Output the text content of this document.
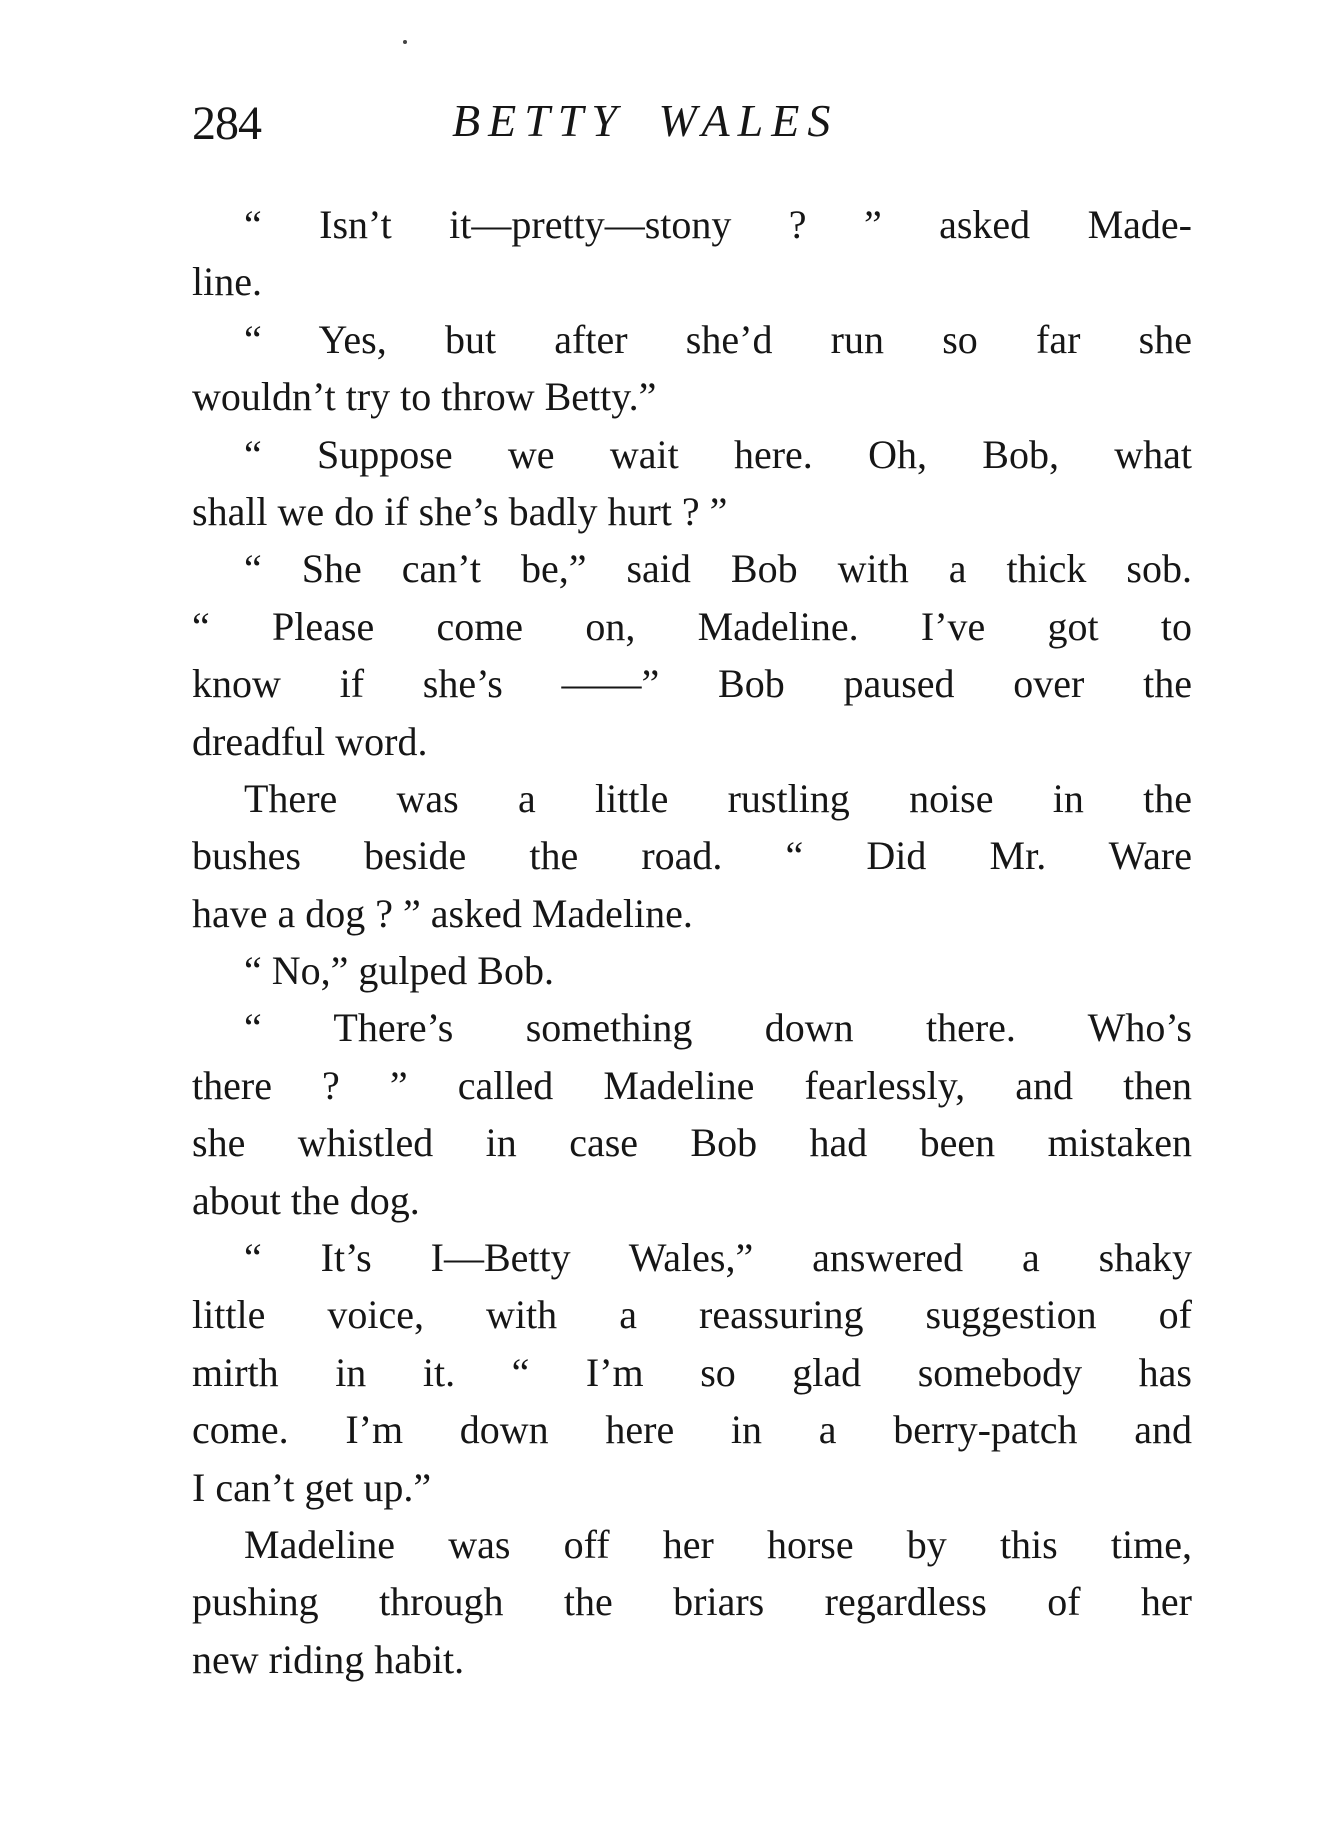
284	BETTY WALES
“ Isn’t it—pretty—stony ? ” asked Made-
line.
“ Yes, but after she’d run so far she
wouldn’t try to throw Betty.”
“ Suppose we wait here. Oh, Bob, what
shall we do if she’s badly hurt ? ”
“ She can’t be,” said Bob with a thick sob.
“ Please come on, Madeline. I’ve got to
know if she’s ——” Bob paused over the
dreadful word.
There was a little rustling noise in the
bushes beside the road. “ Did Mr. Ware
have a dog ? ” asked Madeline.
“ No,” gulped Bob.
“ There’s something down there. Who’s
there ? ” called Madeline fearlessly, and then
she whistled in case Bob had been mistaken
about the dog.
“ It’s I—Betty Wales,” answered a shaky
little voice, with a reassuring suggestion of
mirth in it. “ I’m so glad somebody has
come. I’m down here in a berry-patch and
I can’t get up.”
Madeline was off her horse by this time,
pushing through the briars regardless of her
new riding habit.
